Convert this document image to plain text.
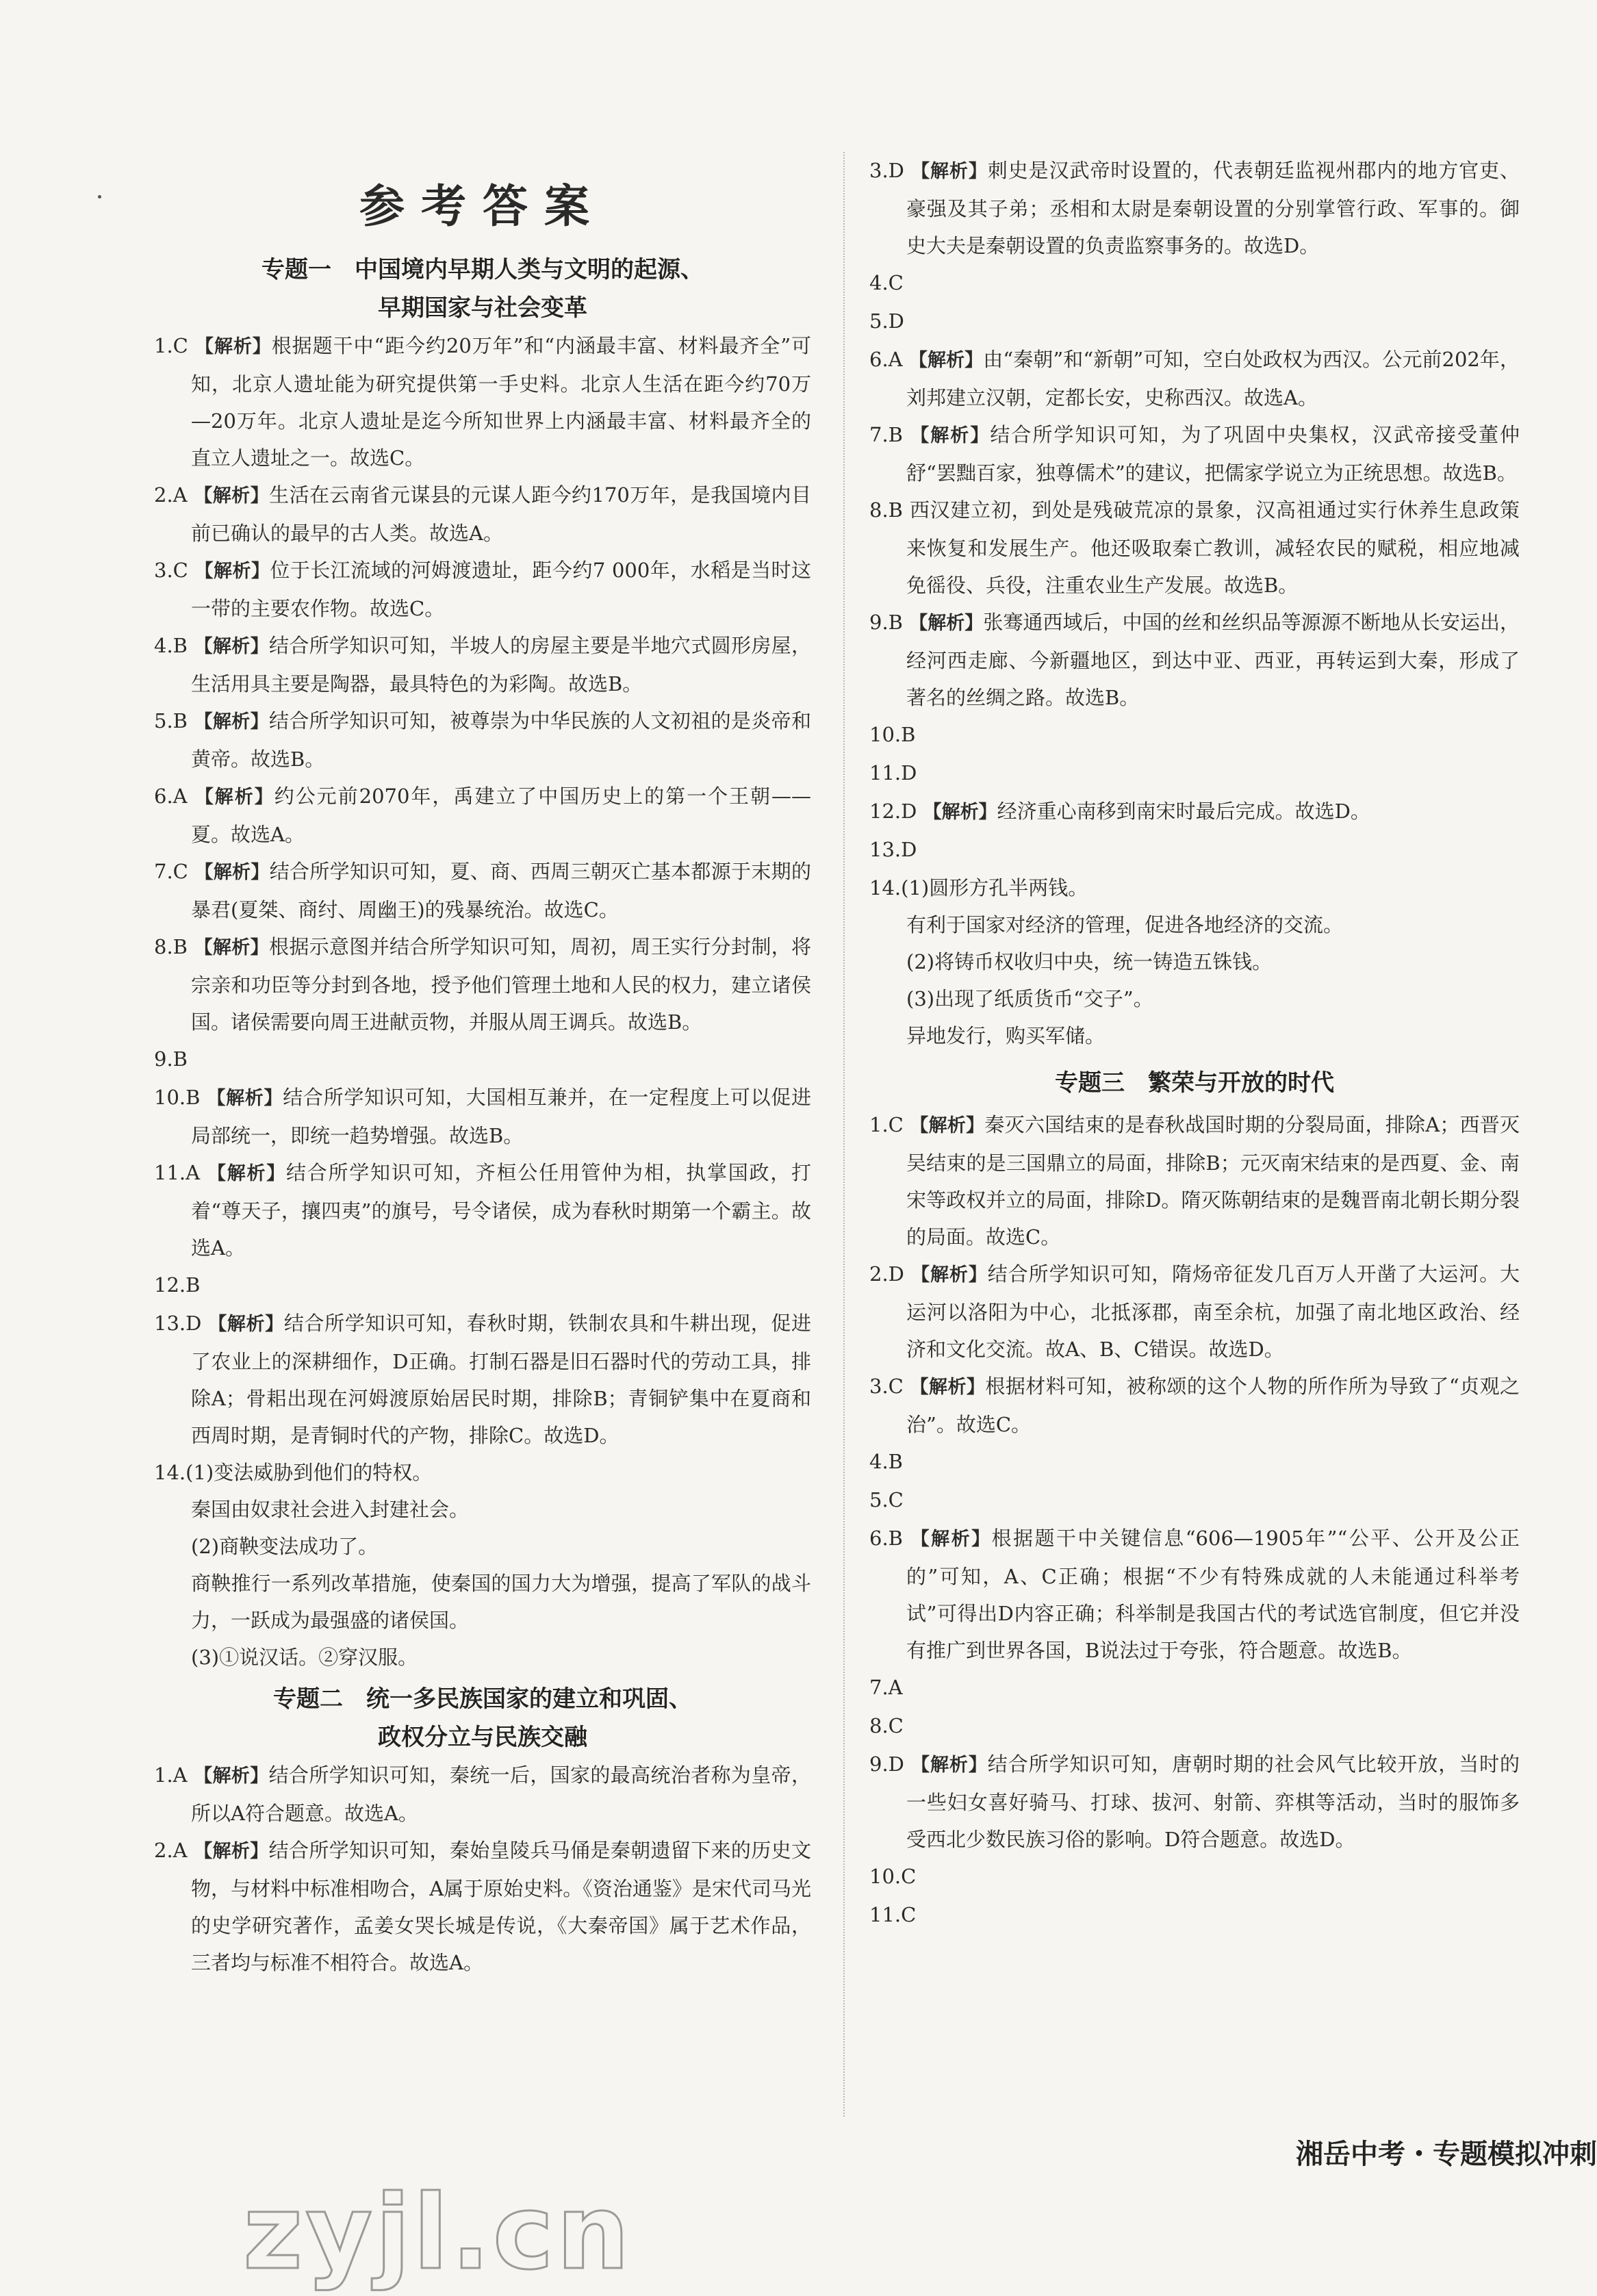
参考答案
专题一　中国境内早期人类与文明的起源、
早期国家与社会变革
1.C 【解析】根据题干中“距今约20万年”和“内涵最丰富、材料最齐全”可知，北京人遗址能为研究提供第一手史料。北京人生活在距今约70万—20万年。北京人遗址是迄今所知世界上内涵最丰富、材料最齐全的直立人遗址之一。故选C。
2.A 【解析】生活在云南省元谋县的元谋人距今约170万年，是我国境内目前已确认的最早的古人类。故选A。
3.C 【解析】位于长江流域的河姆渡遗址，距今约7 000年，水稻是当时这一带的主要农作物。故选C。
4.B 【解析】结合所学知识可知，半坡人的房屋主要是半地穴式圆形房屋，生活用具主要是陶器，最具特色的为彩陶。故选B。
5.B 【解析】结合所学知识可知，被尊崇为中华民族的人文初祖的是炎帝和黄帝。故选B。
6.A 【解析】约公元前2070年，禹建立了中国历史上的第一个王朝——夏。故选A。
7.C 【解析】结合所学知识可知，夏、商、西周三朝灭亡基本都源于末期的暴君(夏桀、商纣、周幽王)的残暴统治。故选C。
8.B 【解析】根据示意图并结合所学知识可知，周初，周王实行分封制，将宗亲和功臣等分封到各地，授予他们管理土地和人民的权力，建立诸侯国。诸侯需要向周王进献贡物，并服从周王调兵。故选B。
9.B
10.B 【解析】结合所学知识可知，大国相互兼并，在一定程度上可以促进局部统一，即统一趋势增强。故选B。
11.A 【解析】结合所学知识可知，齐桓公任用管仲为相，执掌国政，打着“尊天子，攘四夷”的旗号，号令诸侯，成为春秋时期第一个霸主。故选A。
12.B
13.D 【解析】结合所学知识可知，春秋时期，铁制农具和牛耕出现，促进了农业上的深耕细作，D正确。打制石器是旧石器时代的劳动工具，排除A；骨耜出现在河姆渡原始居民时期，排除B；青铜铲集中在夏商和西周时期，是青铜时代的产物，排除C。故选D。
14.(1)变法威胁到他们的特权。
秦国由奴隶社会进入封建社会。
(2)商鞅变法成功了。
商鞅推行一系列改革措施，使秦国的国力大为增强，提高了军队的战斗力，一跃成为最强盛的诸侯国。
(3)①说汉话。②穿汉服。
专题二　统一多民族国家的建立和巩固、
政权分立与民族交融
1.A 【解析】结合所学知识可知，秦统一后，国家的最高统治者称为皇帝，所以A符合题意。故选A。
2.A 【解析】结合所学知识可知，秦始皇陵兵马俑是秦朝遗留下来的历史文物，与材料中标准相吻合，A属于原始史料。《资治通鉴》是宋代司马光的史学研究著作，孟姜女哭长城是传说，《大秦帝国》属于艺术作品，三者均与标准不相符合。故选A。
3.D 【解析】刺史是汉武帝时设置的，代表朝廷监视州郡内的地方官吏、豪强及其子弟；丞相和太尉是秦朝设置的分别掌管行政、军事的。御史大夫是秦朝设置的负责监察事务的。故选D。
4.C
5.D
6.A 【解析】由“秦朝”和“新朝”可知，空白处政权为西汉。公元前202年，刘邦建立汉朝，定都长安，史称西汉。故选A。
7.B 【解析】结合所学知识可知，为了巩固中央集权，汉武帝接受董仲舒“罢黜百家，独尊儒术”的建议，把儒家学说立为正统思想。故选B。
8.B 西汉建立初，到处是残破荒凉的景象，汉高祖通过实行休养生息政策来恢复和发展生产。他还吸取秦亡教训，减轻农民的赋税，相应地减免徭役、兵役，注重农业生产发展。故选B。
9.B 【解析】张骞通西域后，中国的丝和丝织品等源源不断地从长安运出，经河西走廊、今新疆地区，到达中亚、西亚，再转运到大秦，形成了著名的丝绸之路。故选B。
10.B
11.D
12.D 【解析】经济重心南移到南宋时最后完成。故选D。
13.D
14.(1)圆形方孔半两钱。
有利于国家对经济的管理，促进各地经济的交流。
(2)将铸币权收归中央，统一铸造五铢钱。
(3)出现了纸质货币“交子”。
异地发行，购买军储。
专题三　繁荣与开放的时代
1.C 【解析】秦灭六国结束的是春秋战国时期的分裂局面，排除A；西晋灭吴结束的是三国鼎立的局面，排除B；元灭南宋结束的是西夏、金、南宋等政权并立的局面，排除D。隋灭陈朝结束的是魏晋南北朝长期分裂的局面。故选C。
2.D 【解析】结合所学知识可知，隋炀帝征发几百万人开凿了大运河。大运河以洛阳为中心，北抵涿郡，南至余杭，加强了南北地区政治、经济和文化交流。故A、B、C错误。故选D。
3.C 【解析】根据材料可知，被称颂的这个人物的所作所为导致了“贞观之治”。故选C。
4.B
5.C
6.B 【解析】根据题干中关键信息“606—1905年”“公平、公开及公正的”可知，A、C正确；根据“不少有特殊成就的人未能通过科举考试”可得出D内容正确；科举制是我国古代的考试选官制度，但它并没有推广到世界各国，B说法过于夸张，符合题意。故选B。
7.A
8.C
9.D 【解析】结合所学知识可知，唐朝时期的社会风气比较开放，当时的一些妇女喜好骑马、打球、拔河、射箭、弈棋等活动，当时的服饰多受西北少数民族习俗的影响。D符合题意。故选D。
10.C
11.C
湘岳中考・专题模拟冲刺
zyjl.cn
